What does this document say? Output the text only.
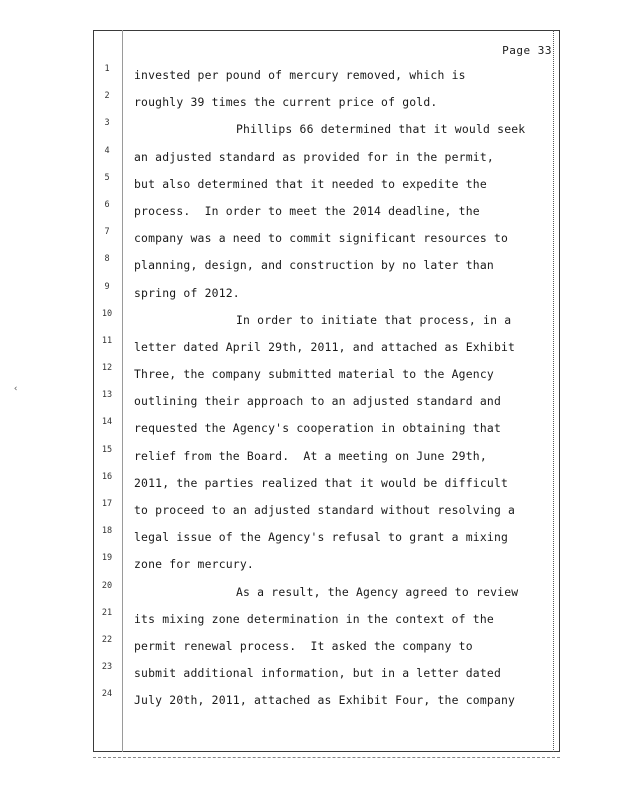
‹
Page 33
1	invested per pound of mercury removed, which is
2	roughly 39 times the current price of gold.
3	Phillips 66 determined that it would seek
4	an adjusted standard as provided for in the permit,
5	but also determined that it needed to expedite the
6	process.  In order to meet the 2014 deadline, the
7	company was a need to commit significant resources to
8	planning, design, and construction by no later than
9	spring of 2012.
10	In order to initiate that process, in a
11	letter dated April 29th, 2011, and attached as Exhibit
12	Three, the company submitted material to the Agency
13	outlining their approach to an adjusted standard and
14	requested the Agency's cooperation in obtaining that
15	relief from the Board.  At a meeting on June 29th,
16	2011, the parties realized that it would be difficult
17	to proceed to an adjusted standard without resolving a
18	legal issue of the Agency's refusal to grant a mixing
19	zone for mercury.
20	As a result, the Agency agreed to review
21	its mixing zone determination in the context of the
22	permit renewal process.  It asked the company to
23	submit additional information, but in a letter dated
24	July 20th, 2011, attached as Exhibit Four, the company
